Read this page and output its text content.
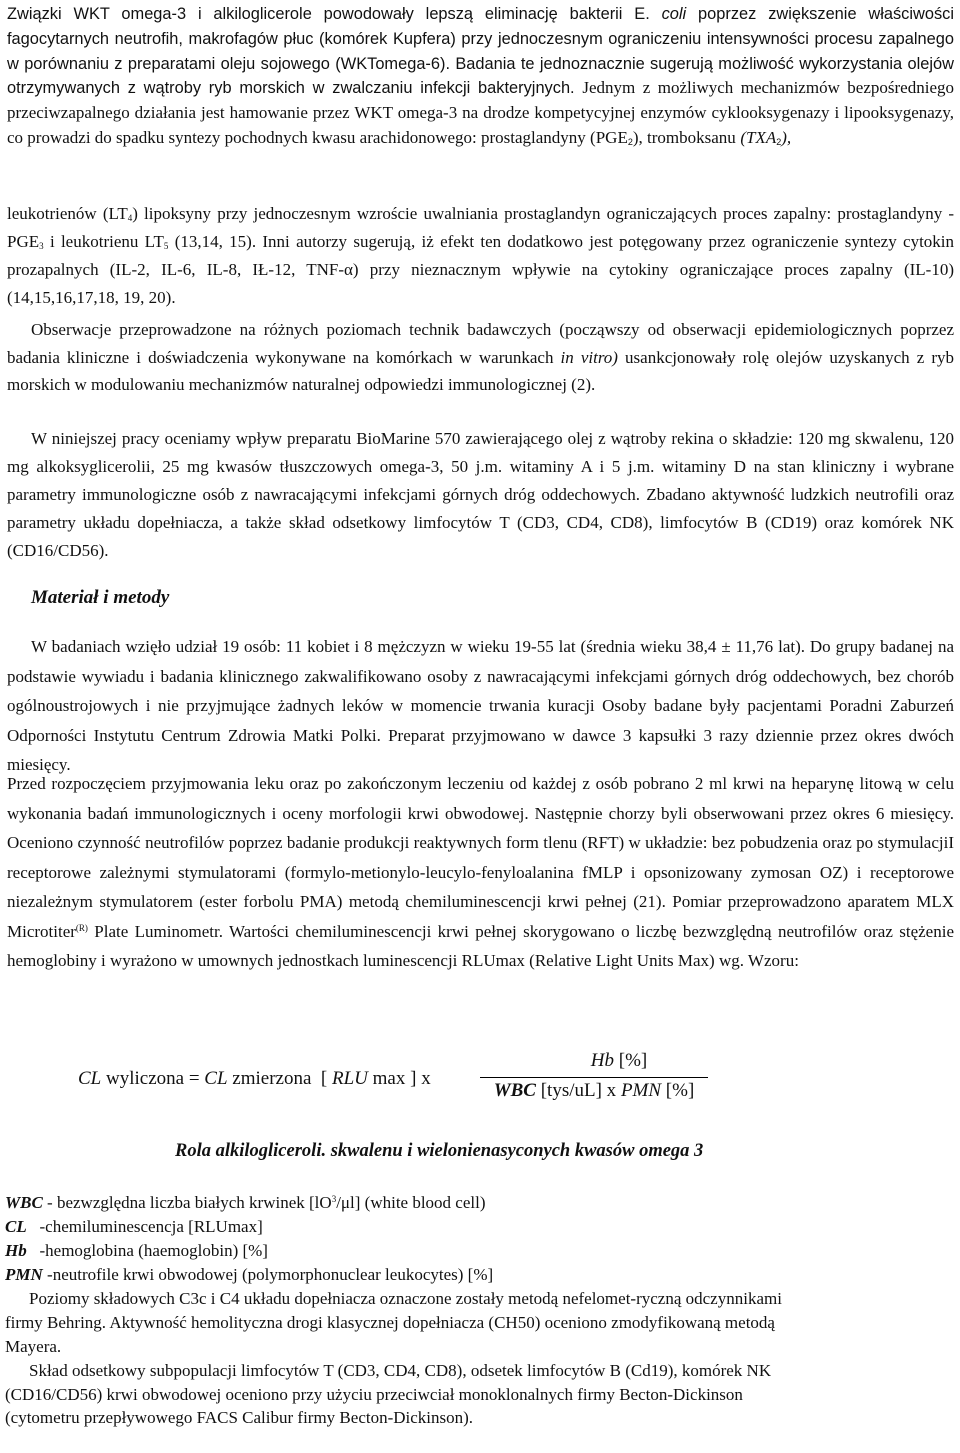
Związki WKT omega-3 i alkiloglicerole powodowały lepszą eliminację bakterii E. coli poprzez zwiększenie właściwości fagocytarnych neutrofih, makrofagów płuc (komórek Kupfera) przy jednoczesnym ograniczeniu intensywności procesu zapalnego w porównaniu z preparatami oleju sojowego (WKTomega-6). Badania te jednoznacznie sugerują możliwość wykorzystania olejów otrzymywanych z wątroby ryb morskich w zwalczaniu infekcji bakteryjnych. Jednym z możliwych mechanizmów bezpośredniego przeciwzapalnego działania jest hamowanie przez WKT omega-3 na drodze kompetycyjnej enzymów cyklooksygenazy i lipooksygenazy, co prowadzi do spadku syntezy pochodnych kwasu arachidonowego: prostaglandyny $(PGE_2)$, tromboksanu $(TXA_2)$,

leukotrienów $(LT_4)$ lipoksyny przy jednoczesnym wzroście uwalniania prostaglandyn ograniczających proces zapalny: prostaglandyny $-PGE_3$ i leukotrienu $LT_5$ (13,14, 15). Inni autorzy sugerują, iż efekt ten dodatkowo jest potęgowany przez ograniczenie syntezy cytokin prozapalnych (IL-2, IL-6, IL-8, IŁ-12, TNF-α) przy nieznacznym wpływie na cytokiny ograniczające proces zapalny (IL-10) (14,15,16,17,18, 19, 20).

Obserwacje przeprowadzone na różnych poziomach technik badawczych (począwszy od obserwacji epidemiologicznych poprzez badania kliniczne i doświadczenia wykonywane na komórkach w warunkach in vitro) usankcjonowały rolę olejów uzyskanych z ryb morskich w modulowaniu mechanizmów naturalnej odpowiedzi immunologicznej (2).

W niniejszej pracy oceniamy wpływ preparatu BioMarine 570 zawierającego olej z wątroby rekina o składzie: 120 mg skwalenu, 120 mg alkoksyglicerolii, 25 mg kwasów tłuszczowych omega-3, 50 j.m. witaminy A i 5 j.m. witaminy D na stan kliniczny i wybrane parametry immunologiczne osób z nawracającymi infekcjami górnych dróg oddechowych. Zbadano aktywność ludzkich neutrofili oraz parametry układu dopełniacza, a także skład odsetkowy limfocytów T (CD3, CD4, CD8), limfocytów B (CD19) oraz komórek NK (CD16/CD56).

Materiał i metody

W badaniach wzięło udział 19 osób: 11 kobiet i 8 mężczyzn w wieku 19-55 lat (średnia wieku 38,4 ± 11,76 lat). Do grupy badanej na podstawie wywiadu i badania klinicznego zakwalifikowano osoby z nawracającymi infekcjami górnych dróg oddechowych, bez chorób ogólnoustrojowych i nie przyjmujące żadnych leków w momencie trwania kuracji Osoby badane były pacjentami Poradni Zaburzeń Odporności Instytutu Centrum Zdrowia Matki Polki. Preparat przyjmowano w dawce 3 kapsułki 3 razy dziennie przez okres dwóch miesięcy.

Przed rozpoczęciem przyjmowania leku oraz po zakończonym leczeniu od każdej z osób pobrano 2 ml krwi na heparynę litową w celu wykonania badań immunologicznych i oceny morfologii krwi obwodowej. Następnie chorzy byli obserwowani przez okres 6 miesięcy. Oceniono czynność neutrofilów poprzez badanie produkcji reaktywnych form tlenu (RFT) w układzie: bez pobudzenia oraz po stymulacjiI receptorowe zależnymi stymulatorami (formylo-metionylo-leucylo-fenyloalanina fMLP i opsonizowany zymosan OZ) i receptorowe niezależnym stymulatorem (ester forbolu PMA) metodą chemiluminescencji krwi pełnej (21). Pomiar przeprowadzono aparatem MLX Microtiter$^{(R)}$ Plate Luminometr. Wartości chemiluminescencji krwi pełnej skorygowano o liczbę bezwzględną neutrofilów oraz stężenie hemoglobiny i wyrażono w umownych jednostkach luminescencji RLUmax (Relative Light Units Max) wg. Wzoru:

CL wyliczona = CL zmierzona [ RLU max ] x
Hb [%]
WBC [tys/uL] x PMN [%]
Rola alkiloglicerolі. skwalenu i wielonienasyconych kwasów omega 3
WBC - bezwzględna liczba białych krwinek $[lO^3/\mu l]$ (white blood cell)
CL -chemiluminescencja [RLUmax]
Hb -hemoglobina (haemoglobin) [%]
PMN -neutrofile krwi obwodowej (polymorphonuclear leukocytes) [%]

Poziomy składowych C3c i C4 układu dopełniacza oznaczone zostały metodą nefelomet-ryczną odczynnikami firmy Behring. Aktywność hemolityczna drogi klasycznej dopełniacza (CH50) oceniono zmodyfikowaną metodą Mayera.

Skład odsetkowy subpopulacji limfocytów T (CD3, CD4, CD8), odsetek limfocytów B (Cd19), komórek NK (CD16/CD56) krwi obwodowej oceniono przy użyciu przeciwciał monoklonalnych firmy Becton-Dickinson (cytometru przepływowego FACS Calibur firmy Becton-Dickinson).
